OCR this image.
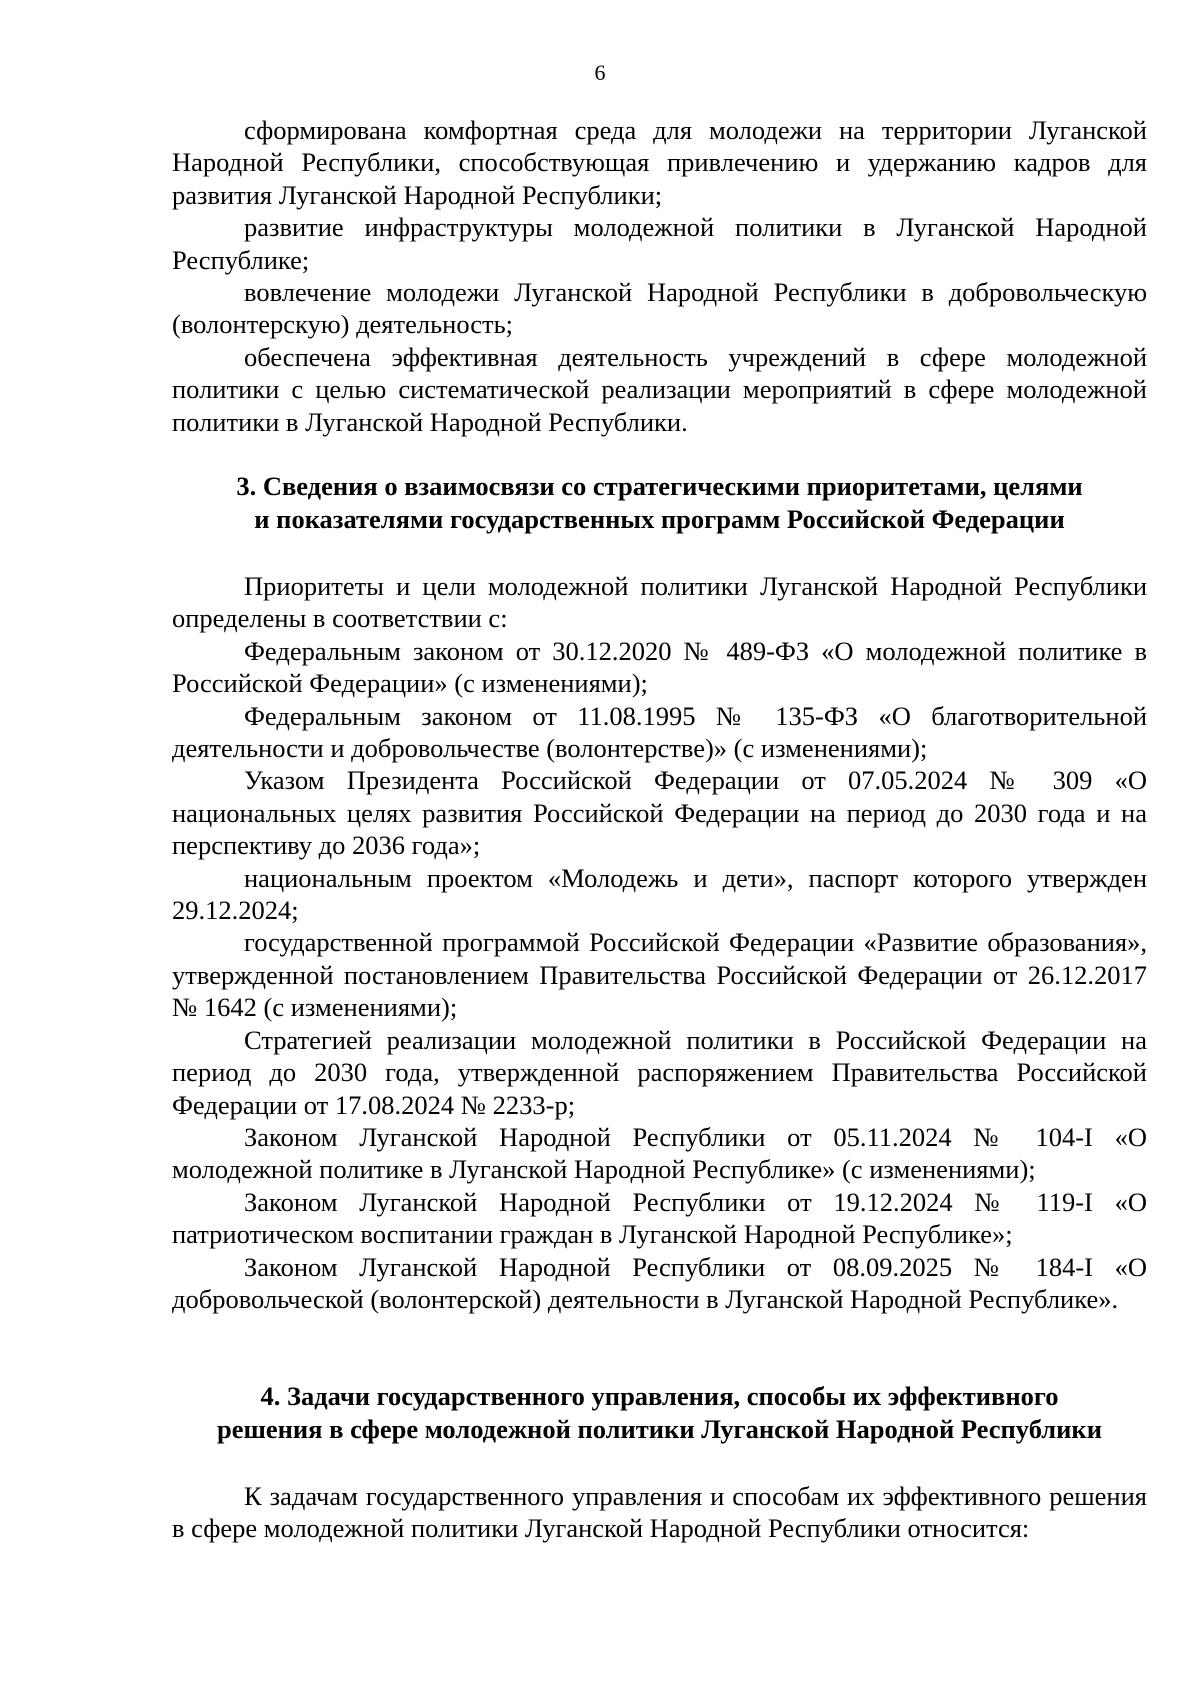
6

сформирована комфортная среда для молодежи на территории Луганской Народной Республики, способствующая привлечению и удержанию кадров для развития Луганской Народной Республики;

развитие инфраструктуры молодежной политики в Луганской Народной Республике;

вовлечение молодежи Луганской Народной Республики в добровольческую (волонтерскую) деятельность;

обеспечена эффективная деятельность учреждений в сфере молодежной политики с целью систематической реализации мероприятий в сфере молодежной политики в Луганской Народной Республики.

3. Сведения о взаимосвязи со стратегическими приоритетами, целями
и показателями государственных программ Российской Федерации

Приоритеты и цели молодежной политики Луганской Народной Республики определены в соответствии с:

Федеральным законом от 30.12.2020 № 489-ФЗ «О молодежной политике в Российской Федерации» (с изменениями);

Федеральным законом от 11.08.1995 № 135-ФЗ «О благотворительной деятельности и добровольчестве (волонтерстве)» (с изменениями);

Указом Президента Российской Федерации от 07.05.2024 № 309 «О национальных целях развития Российской Федерации на период до 2030 года и на перспективу до 2036 года»;

национальным проектом «Молодежь и дети», паспорт которого утвержден 29.12.2024;

государственной программой Российской Федерации «Развитие образования», утвержденной постановлением Правительства Российской Федерации от 26.12.2017 № 1642 (с изменениями);

Стратегией реализации молодежной политики в Российской Федерации на период до 2030 года, утвержденной распоряжением Правительства Российской Федерации от 17.08.2024 № 2233-р;

Законом Луганской Народной Республики от 05.11.2024 № 104-I «О молодежной политике в Луганской Народной Республике» (с изменениями);

Законом Луганской Народной Республики от 19.12.2024 № 119-I «О патриотическом воспитании граждан в Луганской Народной Республике»;

Законом Луганской Народной Республики от 08.09.2025 № 184-I «О добровольческой (волонтерской) деятельности в Луганской Народной Республике».

4. Задачи государственного управления, способы их эффективного
решения в сфере молодежной политики Луганской Народной Республики

К задачам государственного управления и способам их эффективного решения в сфере молодежной политики Луганской Народной Республики относится:
